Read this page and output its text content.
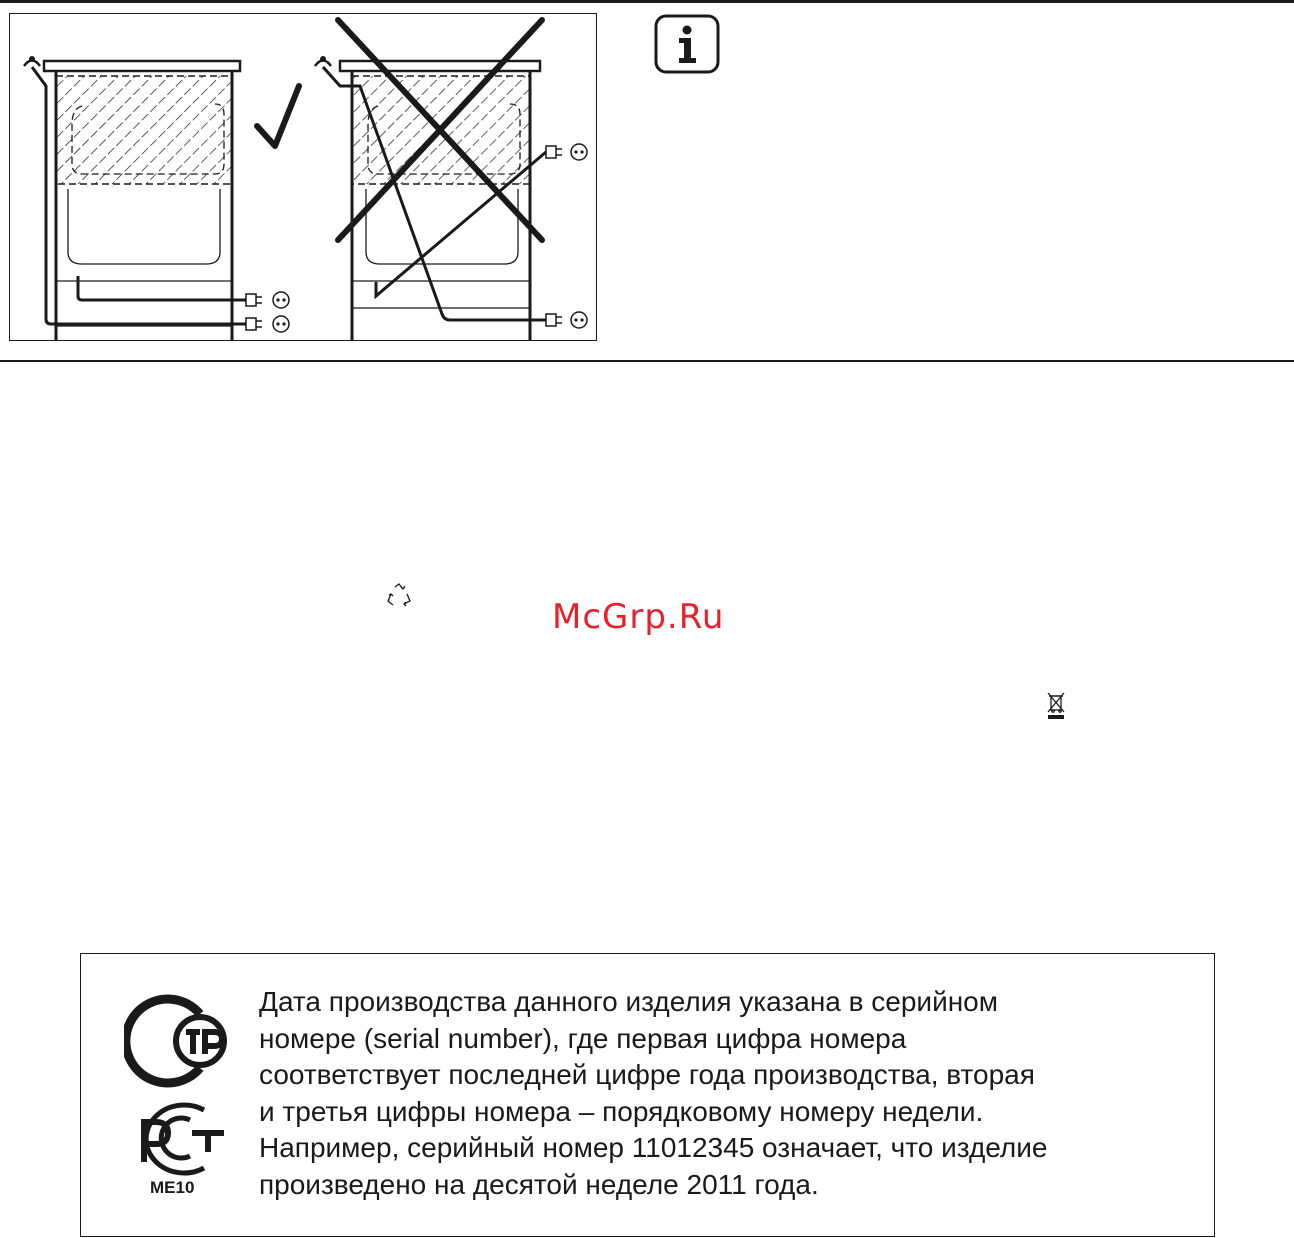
McGrp.Ru
ME10

Дата производства данного изделия указана в серийном
номере (serial number), где первая цифра номера
соответствует последней цифре года производства, вторая
и третья цифры номера – порядковому номеру недели.
Например, серийный номер 11012345 означает, что изделие
произведено на десятой неделе 2011 года.
